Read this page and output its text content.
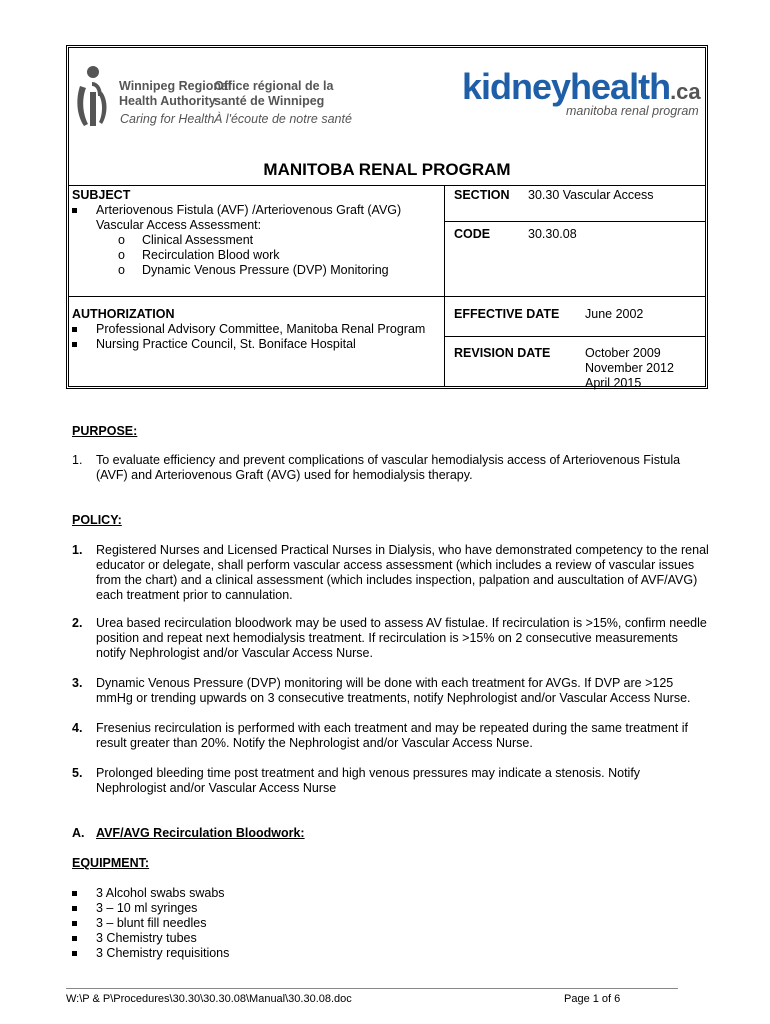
Winnipeg Regional
Health Authority
Office régional de la
santé de Winnipeg
Caring for Health À l'écoute de notre santé
kidneyhealth.ca
manitoba renal program
MANITOBA RENAL PROGRAM
SUBJECT
Arteriovenous Fistula (AVF) /Arteriovenous Graft (AVG)
Vascular Access Assessment:
o Clinical Assessment
o Recirculation Blood work
o Dynamic Venous Pressure (DVP) Monitoring
SECTION 30.30 Vascular Access
CODE	30.30.08
AUTHORIZATION
Professional Advisory Committee, Manitoba Renal Program
Nursing Practice Council, St. Boniface Hospital
EFFECTIVE DATE June 2002
REVISION DATE	October 2009
November 2012
April 2015
PURPOSE:
1. To evaluate efficiency and prevent complications of vascular hemodialysis access of Arteriovenous Fistula
(AVF) and Arteriovenous Graft (AVG) used for hemodialysis therapy.
POLICY:
1. Registered Nurses and Licensed Practical Nurses in Dialysis, who have demonstrated competency to the renal
educator or delegate, shall perform vascular access assessment (which includes a review of vascular issues
from the chart) and a clinical assessment (which includes inspection, palpation and auscultation of AVF/AVG)
each treatment prior to cannulation.
2. Urea based recirculation bloodwork may be used to assess AV fistulae. If recirculation is >15%, confirm needle
position and repeat next hemodialysis treatment. If recirculation is >15% on 2 consecutive measurements
notify Nephrologist and/or Vascular Access Nurse.
3. Dynamic Venous Pressure (DVP) monitoring will be done with each treatment for AVGs. If DVP are >125
mmHg or trending upwards on 3 consecutive treatments, notify Nephrologist and/or Vascular Access Nurse.
4. Fresenius recirculation is performed with each treatment and may be repeated during the same treatment if
result greater than 20%. Notify the Nephrologist and/or Vascular Access Nurse.
5. Prolonged bleeding time post treatment and high venous pressures may indicate a stenosis. Notify
Nephrologist and/or Vascular Access Nurse
A. AVF/AVG Recirculation Bloodwork:
EQUIPMENT:
3 Alcohol swabs swabs
3 – 10 ml syringes
3 – blunt fill needles
3 Chemistry tubes
3 Chemistry requisitions
W:\P & P\Procedures\30.30\30.30.08\Manual\30.30.08.doc	Page 1 of 6
